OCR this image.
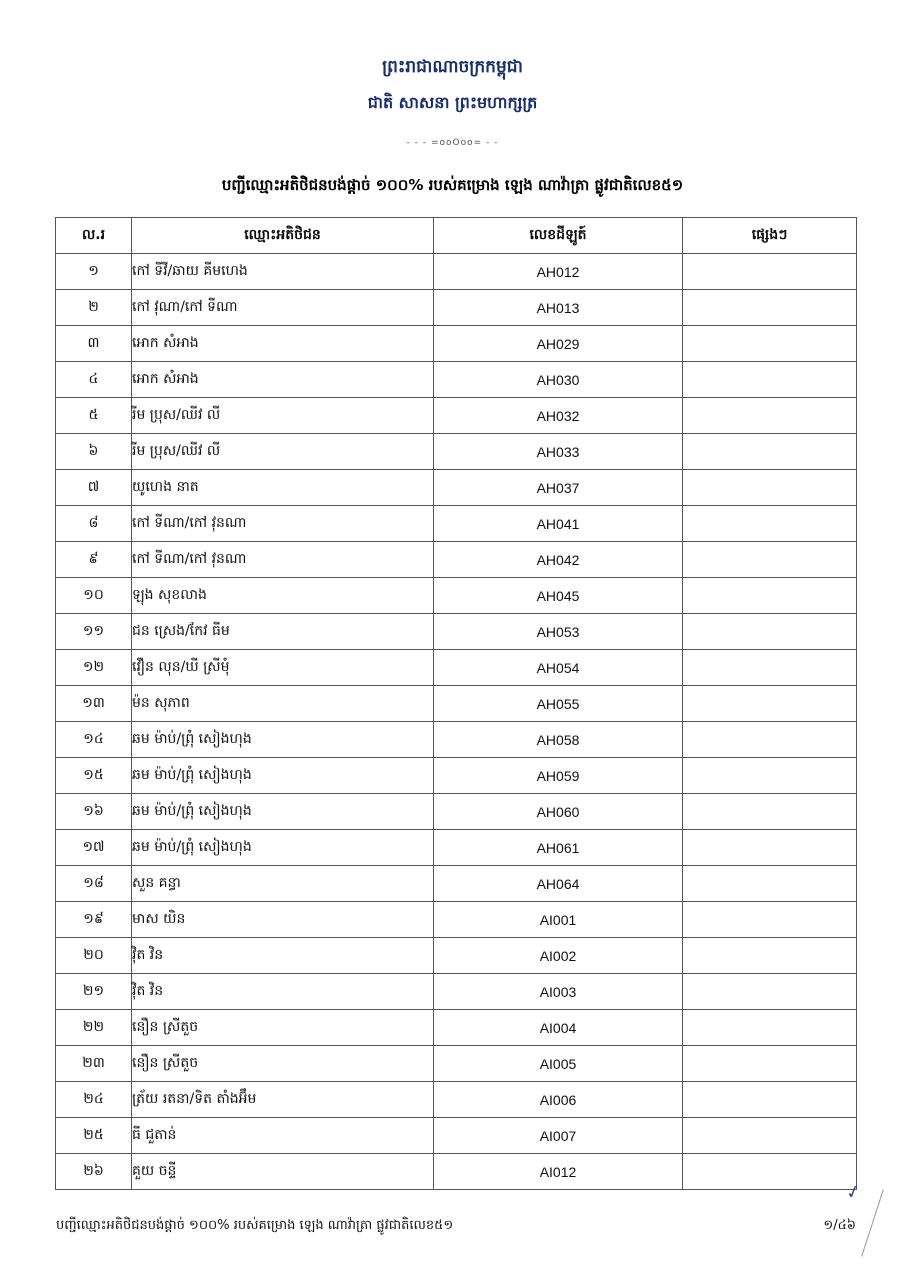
ព្រះរាជាណាចក្រកម្ពុជា
ជាតិ សាសនា ព្រះមហាក្សត្រ
- - - =ooOoo= - -
បញ្ជីឈ្មោះអតិថិជនបង់ផ្តាច់ ១០០% របស់គម្រោង ឡេង ណាវ៉ាត្រា ផ្លូវជាតិលេខ៥១
ល.រ	ឈ្មោះអតិថិជន	លេខដីឡូត៍	ផ្សេងៗ
១	កៅ ទីវី/ឆាយ គីមហេង	AH012	
២	កៅ វុណា/កៅ ទីណា	AH013	
៣	អោក សំអាង	AH029	
៤	អោក សំអាង	AH030	
៥	រីម ប្រុស/ឈីវ លី	AH032	
៦	រីម ប្រុស/ឈីវ លី	AH033	
៧	យូហេង នាត	AH037	
៨	កៅ ទីណា/កៅ វុនណា	AH041	
៩	កៅ ទីណា/កៅ វុនណា	AH042	
១០	ឡុង សុខលាង	AH045	
១១	ជន ស្រេង/កែវ ធីម	AH053	
១២	វឿន លុន/ឃី ស្រីមុំ	AH054	
១៣	ម៉ន សុភាព	AH055	
១៤	ឆម ម៉ាប់/ព្រុំ សៀងហុង	AH058	
១៥	ឆម ម៉ាប់/ព្រុំ សៀងហុង	AH059	
១៦	ឆម ម៉ាប់/ព្រុំ សៀងហុង	AH060	
១៧	ឆម ម៉ាប់/ព្រុំ សៀងហុង	AH061	
១៨	សួន គន្ធា	AH064	
១៩	មាស យិន	AI001	
២០	វ៉ិត វិន	AI002	
២១	វ៉ិត វិន	AI003	
២២	នឿន ស្រីតួច	AI004	
២៣	នឿន ស្រីតួច	AI005	
២៤	ត្រ័យ រតនា/ទិត តាំងអ៊ឹម	AI006	
២៥	ធី ជួតាន់	AI007	
២៦	គួយ ចន្ទី	AI012	
បញ្ជីឈ្មោះអតិថិជនបង់ផ្តាច់ ១០០% របស់គម្រោង ឡេង ណាវ៉ាត្រា ផ្លូវជាតិលេខ៥១	១/៤៦
✓
